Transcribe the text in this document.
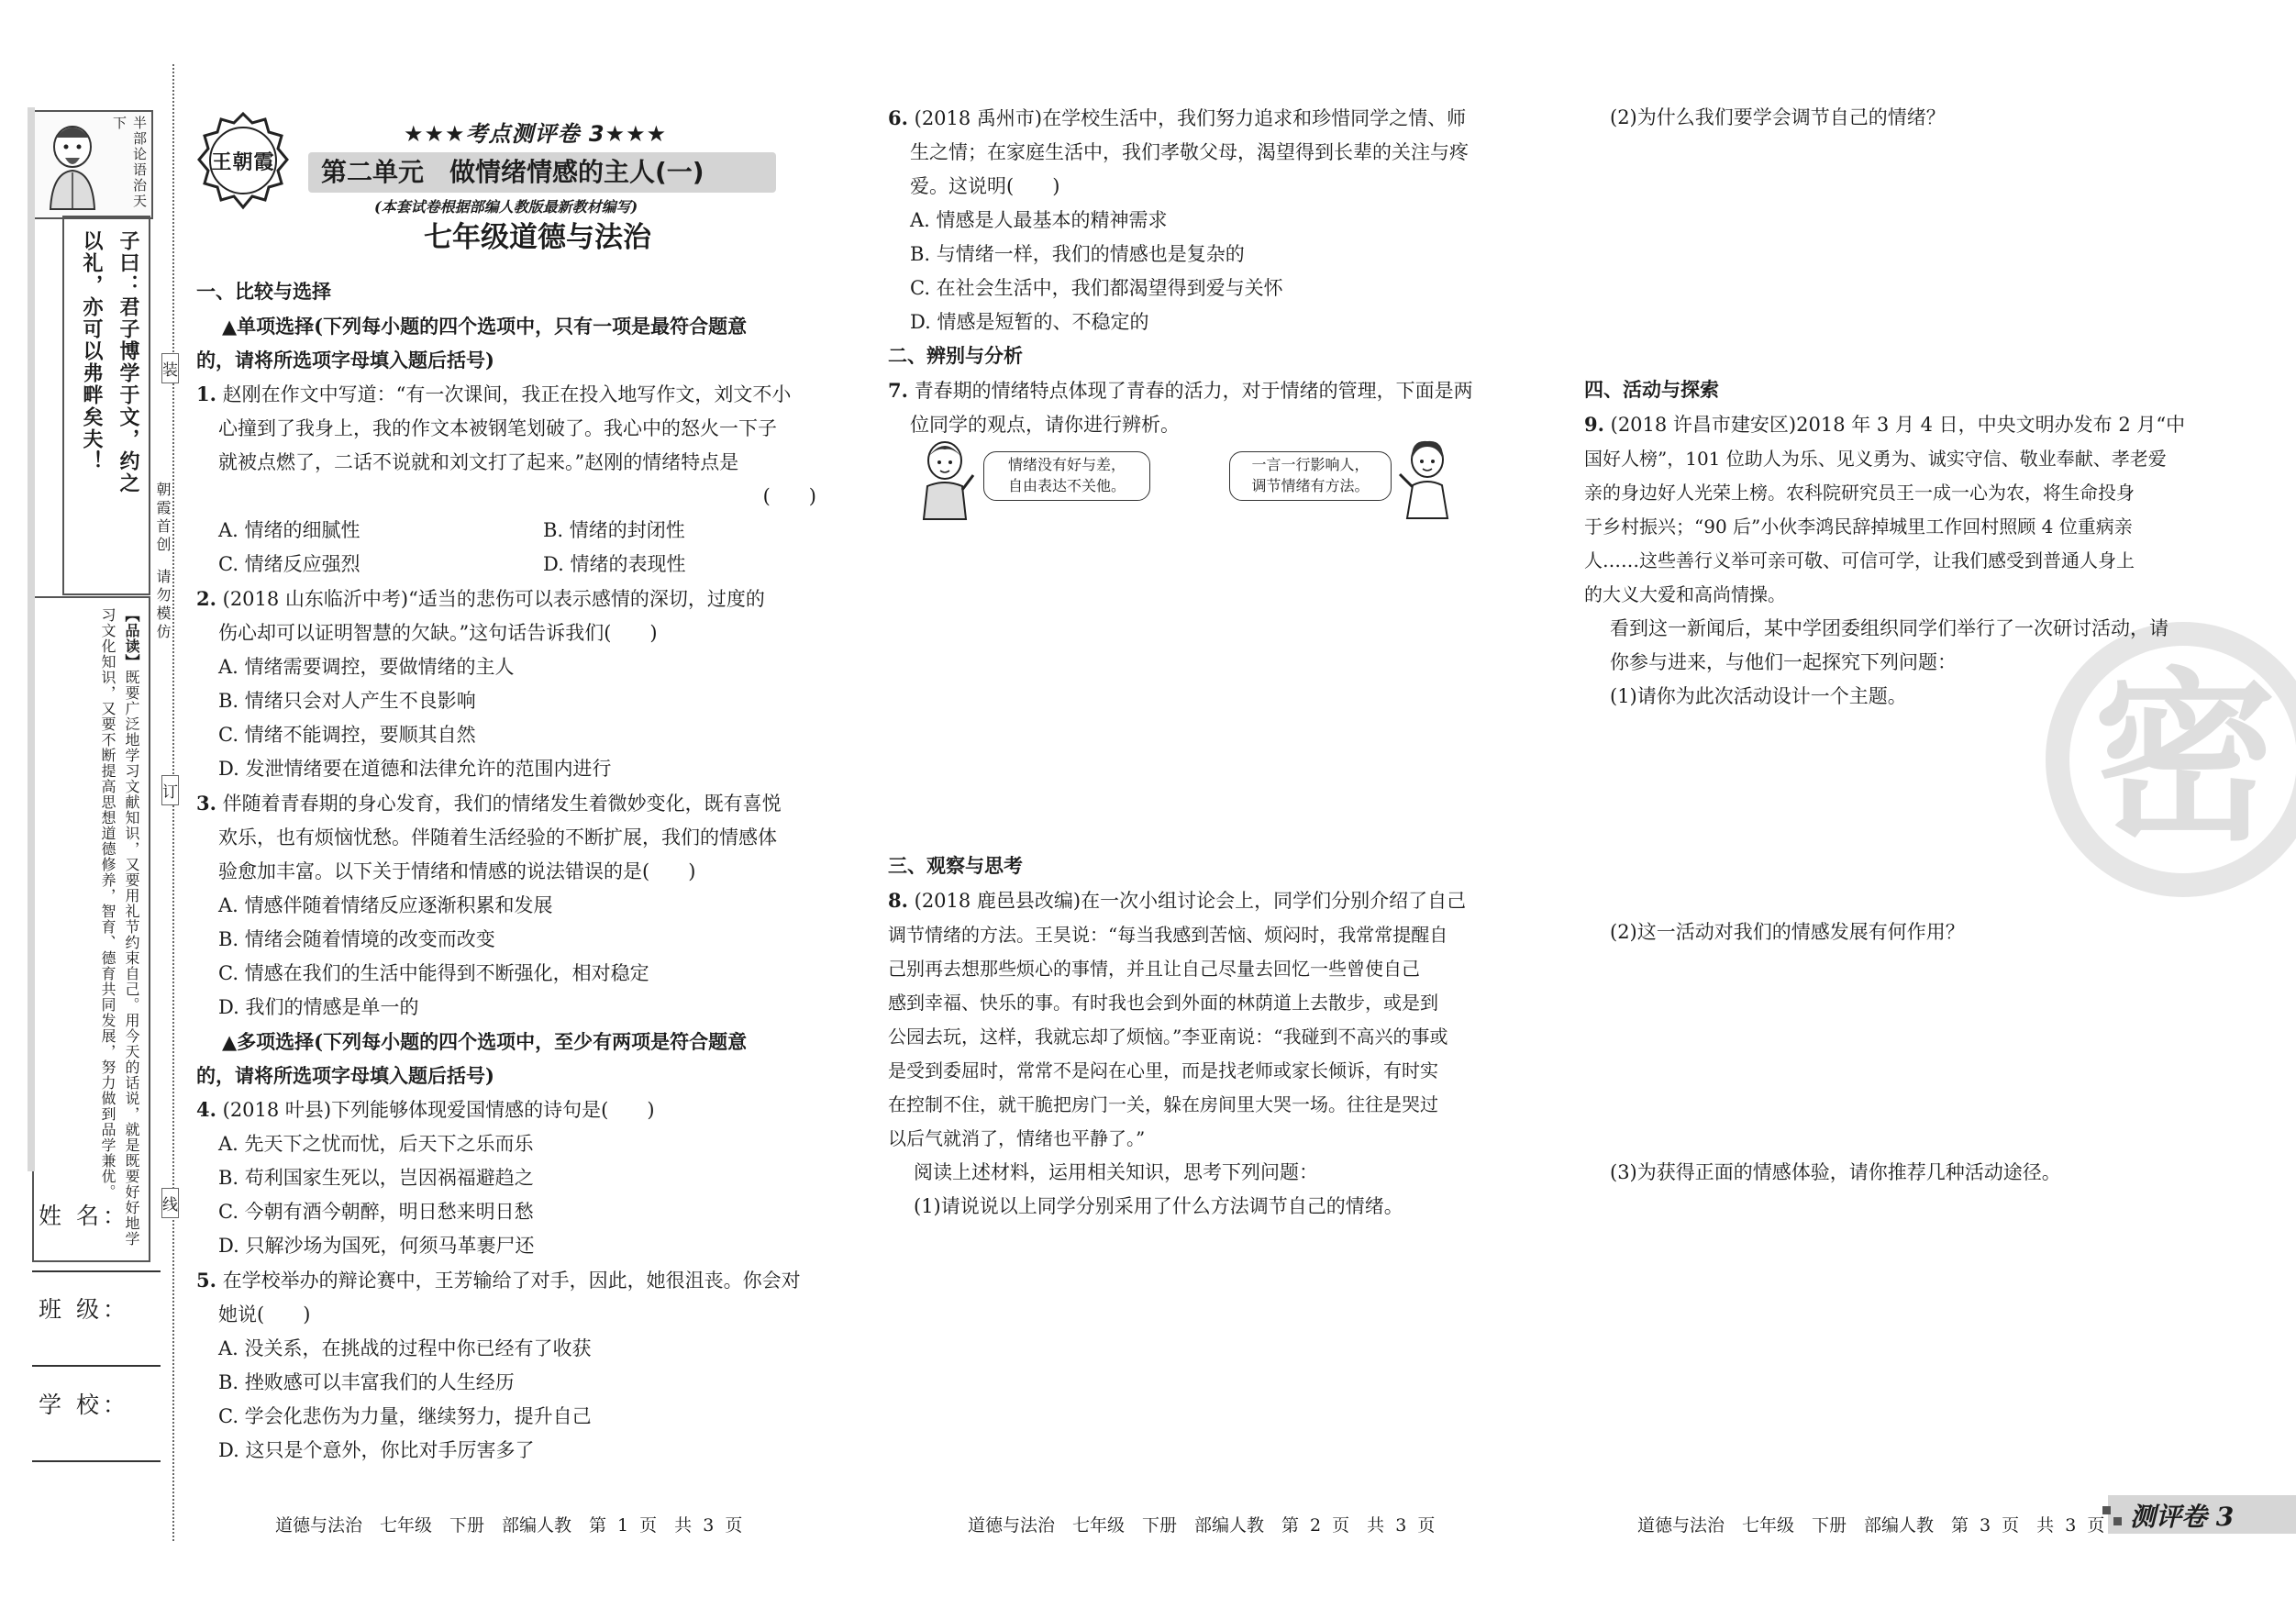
半部论语治天下
子曰：君子博学于文，约之
以礼，亦可以弗畔矣夫！
【品读】既要广泛地学习文献知识，又要用礼节约束自己。用今天的话说，就是既要好好地学习文化知识，又要不断提高思想道德修养，智育、德育共同发展，努力做到品学兼优。
姓 名：
班 级：
学 校：
装
订
线
朝霞首创
请勿模仿
王朝霞
★★★考点测评卷 3★★★
第二单元　做情绪情感的主人(一)
(本套试卷根据部编人教版最新教材编写)
七年级道德与法治
一、比较与选择
▲单项选择(下列每小题的四个选项中，只有一项是最符合题意
的，请将所选项字母填入题后括号)
1. 赵刚在作文中写道：“有一次课间，我正在投入地写作文，刘文不小
心撞到了我身上，我的作文本被钢笔划破了。我心中的怒火一下子
就被点燃了，二话不说就和刘文打了起来。”赵刚的情绪特点是
(　　)
A. 情绪的细腻性	B. 情绪的封闭性
C. 情绪反应强烈	D. 情绪的表现性
2. (2018 山东临沂中考)“适当的悲伤可以表示感情的深切，过度的
伤心却可以证明智慧的欠缺。”这句话告诉我们(　　)
A. 情绪需要调控，要做情绪的主人
B. 情绪只会对人产生不良影响
C. 情绪不能调控，要顺其自然
D. 发泄情绪要在道德和法律允许的范围内进行
3. 伴随着青春期的身心发育，我们的情绪发生着微妙变化，既有喜悦
欢乐，也有烦恼忧愁。伴随着生活经验的不断扩展，我们的情感体
验愈加丰富。以下关于情绪和情感的说法错误的是(　　)
A. 情感伴随着情绪反应逐渐积累和发展
B. 情绪会随着情境的改变而改变
C. 情感在我们的生活中能得到不断强化，相对稳定
D. 我们的情感是单一的
▲多项选择(下列每小题的四个选项中，至少有两项是符合题意
的，请将所选项字母填入题后括号)
4. (2018 叶县)下列能够体现爱国情感的诗句是(　　)
A. 先天下之忧而忧，后天下之乐而乐
B. 苟利国家生死以，岂因祸福避趋之
C. 今朝有酒今朝醉，明日愁来明日愁
D. 只解沙场为国死，何须马革裹尸还
5. 在学校举办的辩论赛中，王芳输给了对手，因此，她很沮丧。你会对
她说(　　)
A. 没关系，在挑战的过程中你已经有了收获
B. 挫败感可以丰富我们的人生经历
C. 学会化悲伤为力量，继续努力，提升自己
D. 这只是个意外，你比对手厉害多了
道德与法治　七年级　下册　部编人教　第 1 页　共 3 页
6. (2018 禹州市)在学校生活中，我们努力追求和珍惜同学之情、师
生之情；在家庭生活中，我们孝敬父母，渴望得到长辈的关注与疼
爱。这说明(　　)
A. 情感是人最基本的精神需求
B. 与情绪一样，我们的情感也是复杂的
C. 在社会生活中，我们都渴望得到爱与关怀
D. 情感是短暂的、不稳定的
二、辨别与分析
7. 青春期的情绪特点体现了青春的活力，对于情绪的管理，下面是两
位同学的观点，请你进行辨析。
情绪没有好与差，
自由表达不关他。
一言一行影响人，
调节情绪有方法。
三、观察与思考
8. (2018 鹿邑县改编)在一次小组讨论会上，同学们分别介绍了自己
调节情绪的方法。王昊说：“每当我感到苦恼、烦闷时，我常常提醒自
己别再去想那些烦心的事情，并且让自己尽量去回忆一些曾使自己
感到幸福、快乐的事。有时我也会到外面的林荫道上去散步，或是到
公园去玩，这样，我就忘却了烦恼。”李亚南说：“我碰到不高兴的事或
是受到委屈时，常常不是闷在心里，而是找老师或家长倾诉，有时实
在控制不住，就干脆把房门一关，躲在房间里大哭一场。往往是哭过
以后气就消了，情绪也平静了。”
阅读上述材料，运用相关知识，思考下列问题：
(1)请说说以上同学分别采用了什么方法调节自己的情绪。
道德与法治　七年级　下册　部编人教　第 2 页　共 3 页
密
(2)为什么我们要学会调节自己的情绪？
四、活动与探索
9. (2018 许昌市建安区)2018 年 3 月 4 日，中央文明办发布 2 月“中
国好人榜”，101 位助人为乐、见义勇为、诚实守信、敬业奉献、孝老爱
亲的身边好人光荣上榜。农科院研究员王一成一心为农，将生命投身
于乡村振兴；“90 后”小伙李鸿民辞掉城里工作回村照顾 4 位重病亲
人……这些善行义举可亲可敬、可信可学，让我们感受到普通人身上
的大义大爱和高尚情操。
看到这一新闻后，某中学团委组织同学们举行了一次研讨活动，请
你参与进来，与他们一起探究下列问题：
(1)请你为此次活动设计一个主题。
(2)这一活动对我们的情感发展有何作用？
(3)为获得正面的情感体验，请你推荐几种活动途径。
道德与法治　七年级　下册　部编人教　第 3 页　共 3 页 测评卷 3
